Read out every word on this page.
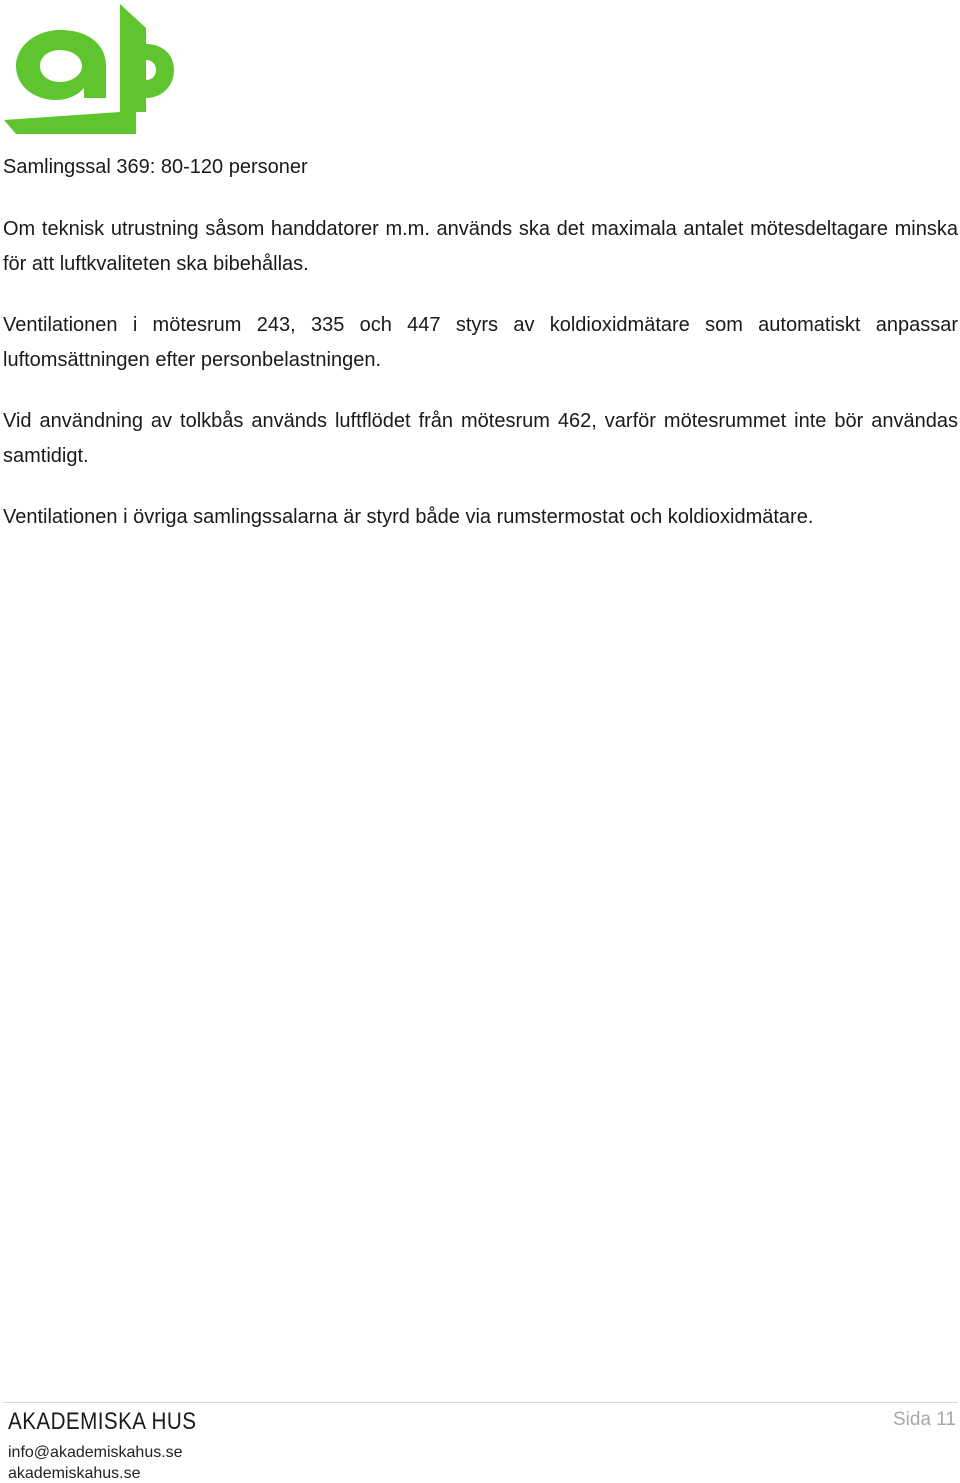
Samlingssal 369: 80-120 personer

Om teknisk utrustning såsom handdatorer m.m. används ska det maximala antalet mötesdeltagare minska för att luftkvaliteten ska bibehållas.

Ventilationen i mötesrum 243, 335 och 447 styrs av koldioxidmätare som automatiskt anpassar luftomsättningen efter personbelastningen.

Vid användning av tolkbås används luftflödet från mötesrum 462, varför mötesrummet inte bör användas samtidigt.

Ventilationen i övriga samlingssalarna är styrd både via rumstermostat och koldioxidmätare.

AKADEMISKA HUS
info@akademiskahus.se
akademiskahus.se
Sida 11
